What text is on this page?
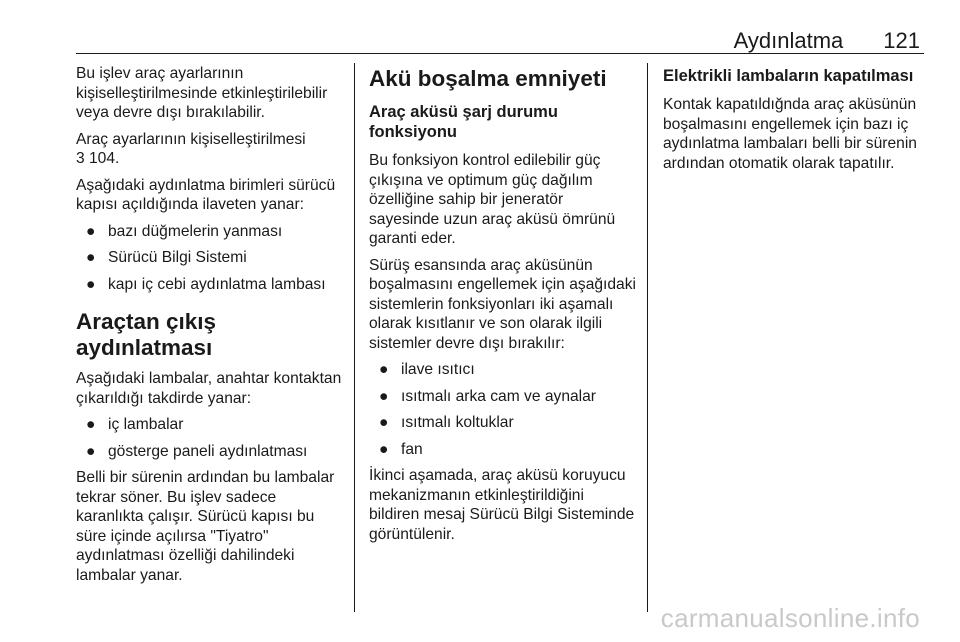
Aydınlatma 121

Bu işlev araç ayarlarının kişiselleştirilmesinde etkinleştirilebilir veya devre dışı bırakılabilir.

Araç ayarlarının kişiselleştirilmesi
3 104.

Aşağıdaki aydınlatma birimleri sürücü kapısı açıldığında ilaveten yanar:

● bazı düğmelerin yanması
● Sürücü Bilgi Sistemi
● kapı iç cebi aydınlatma lambası
Araçtan çıkış aydınlatması

Aşağıdaki lambalar, anahtar kontaktan çıkarıldığı takdirde yanar:

● iç lambalar
● gösterge paneli aydınlatması

Belli bir sürenin ardından bu lambalar tekrar söner. Bu işlev sadece karanlıkta çalışır. Sürücü kapısı bu süre içinde açılırsa "Tiyatro" aydınlatması özelliği dahilindeki lambalar yanar.

Akü boşalma emniyeti
Araç aküsü şarj durumu fonksiyonu

Bu fonksiyon kontrol edilebilir güç çıkışına ve optimum güç dağılım özelliğine sahip bir jeneratör sayesinde uzun araç aküsü ömrünü garanti eder.

Sürüş esansında araç aküsünün boşalmasını engellemek için aşağıdaki sistemlerin fonksiyonları iki aşamalı olarak kısıtlanır ve son olarak ilgili sistemler devre dışı bırakılır:

● ilave ısıtıcı
● ısıtmalı arka cam ve aynalar
● ısıtmalı koltuklar
● fan

İkinci aşamada, araç aküsü koruyucu mekanizmanın etkinleştirildiğini bildiren mesaj Sürücü Bilgi Sisteminde görüntülenir.

Elektrikli lambaların kapatılması

Kontak kapatıldığnda araç aküsünün boşalmasını engellemek için bazı iç aydınlatma lambaları belli bir sürenin ardından otomatik olarak tapatılır.

carmanualsonline.info
